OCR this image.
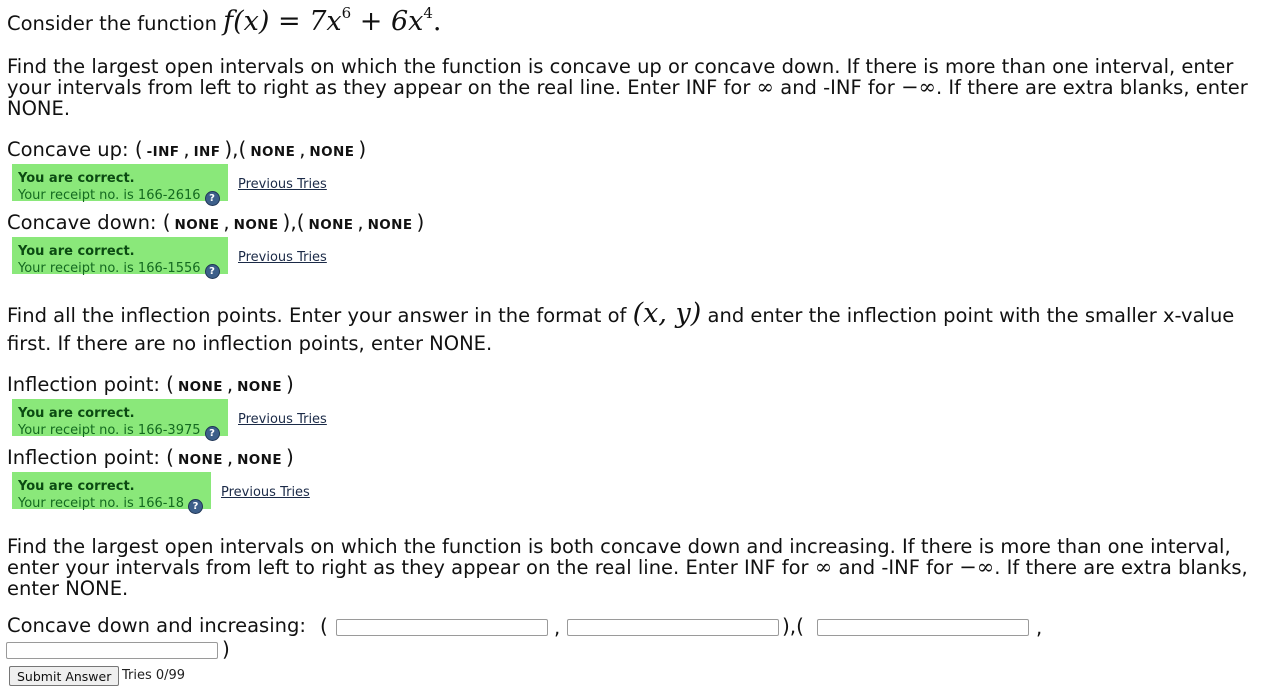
Consider the function $f(x) = 7x^6 + 6x^4$.
Find the largest open intervals on which the function is concave up or concave down. If there is more than one interval, enter your intervals from left to right as they appear on the real line. Enter INF for ∞ and -INF for −∞. If there are extra blanks, enter NONE.
Concave up: ( -INF , INF ),( NONE , NONE )
You are correct.
Your receipt no. is 166-2616 ?
Previous Tries
Concave down: ( NONE , NONE ),( NONE , NONE )
You are correct.
Your receipt no. is 166-1556 ?
Previous Tries
Find all the inflection points. Enter your answer in the format of (x, y) and enter the inflection point with the smaller x-value first. If there are no inflection points, enter NONE.
Inflection point: ( NONE , NONE )
You are correct.
Your receipt no. is 166-3975 ?
Previous Tries
Inflection point: ( NONE , NONE )
You are correct.
Your receipt no. is 166-18 ?
Previous Tries
Find the largest open intervals on which the function is both concave down and increasing. If there is more than one interval, enter your intervals from left to right as they appear on the real line. Enter INF for ∞ and -INF for −∞. If there are extra blanks, enter NONE.
Concave down and increasing: (	,	),(	,
)
Submit Answer Tries 0/99
